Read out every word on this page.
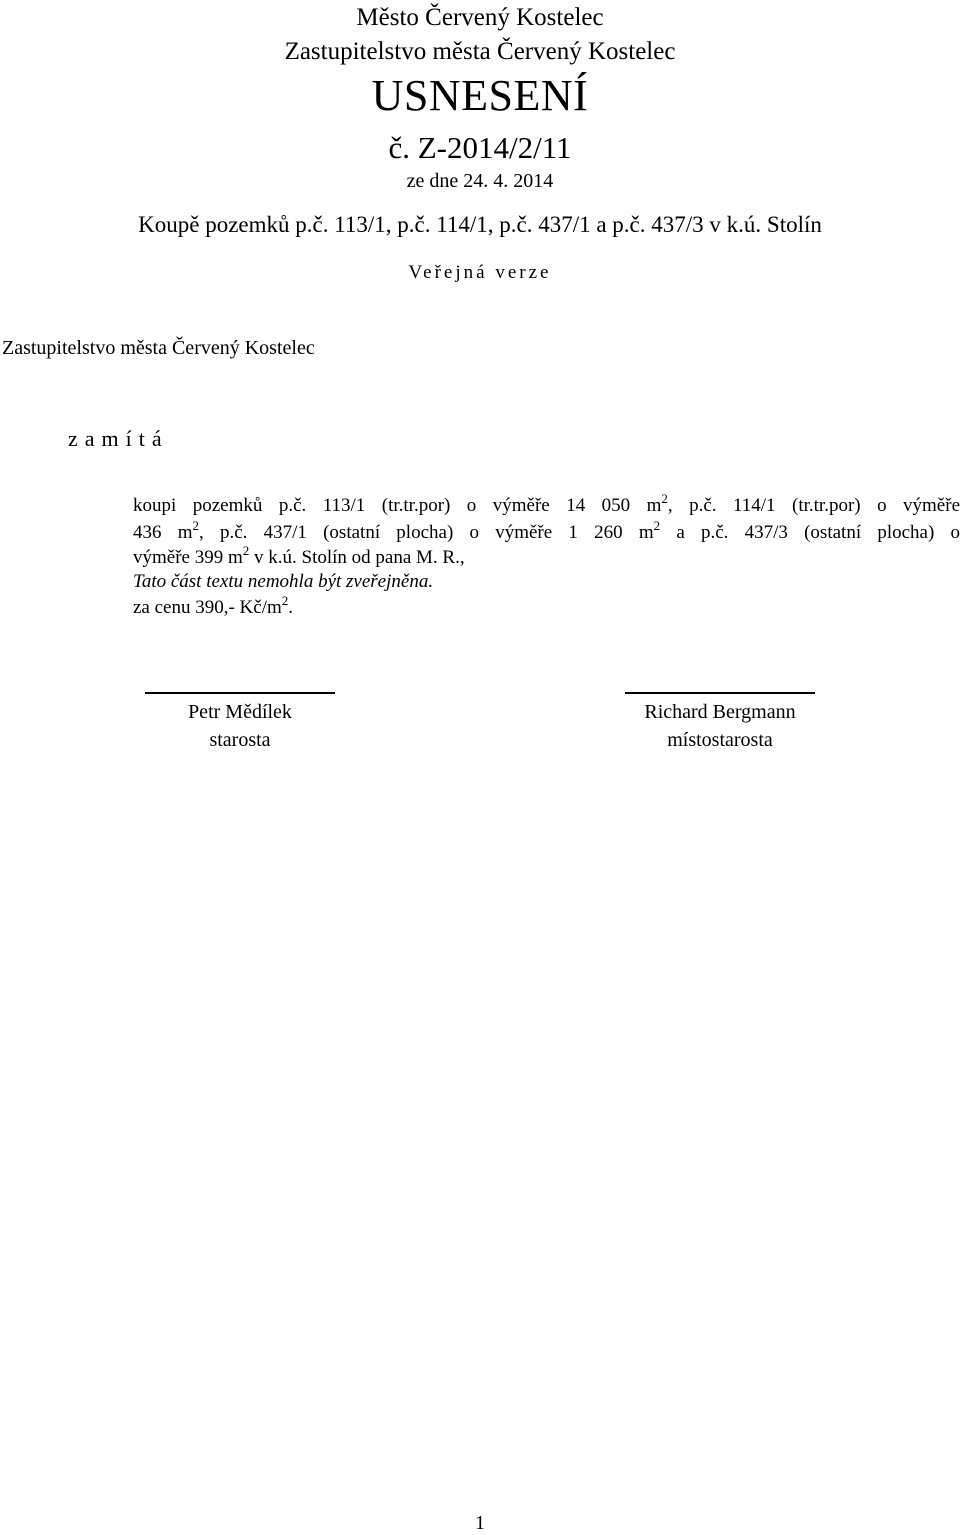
Město Červený Kostelec
Zastupitelstvo města Červený Kostelec
USNESENÍ
č. Z-2014/2/11
ze dne 24. 4. 2014
Koupě pozemků p.č. 113/1, p.č. 114/1, p.č. 437/1 a p.č. 437/3 v k.ú. Stolín
Veřejná verze
Zastupitelstvo města Červený Kostelec
zamítá
koupi pozemků p.č. 113/1 (tr.tr.por) o výměře 14 050 $m^2$, p.č. 114/1 (tr.tr.por) o výměře
436 $m^2$, p.č. 437/1 (ostatní plocha) o výměře 1 260 $m^2$ a p.č. 437/3 (ostatní plocha) o
výměře 399 $m^2$ v k.ú. Stolín od pana M. R.,
Tato část textu nemohla být zveřejněna.
za cenu 390,- $Kč/m^2$.
Petr Mědílek
starosta
Richard Bergmann
místostarosta
1
